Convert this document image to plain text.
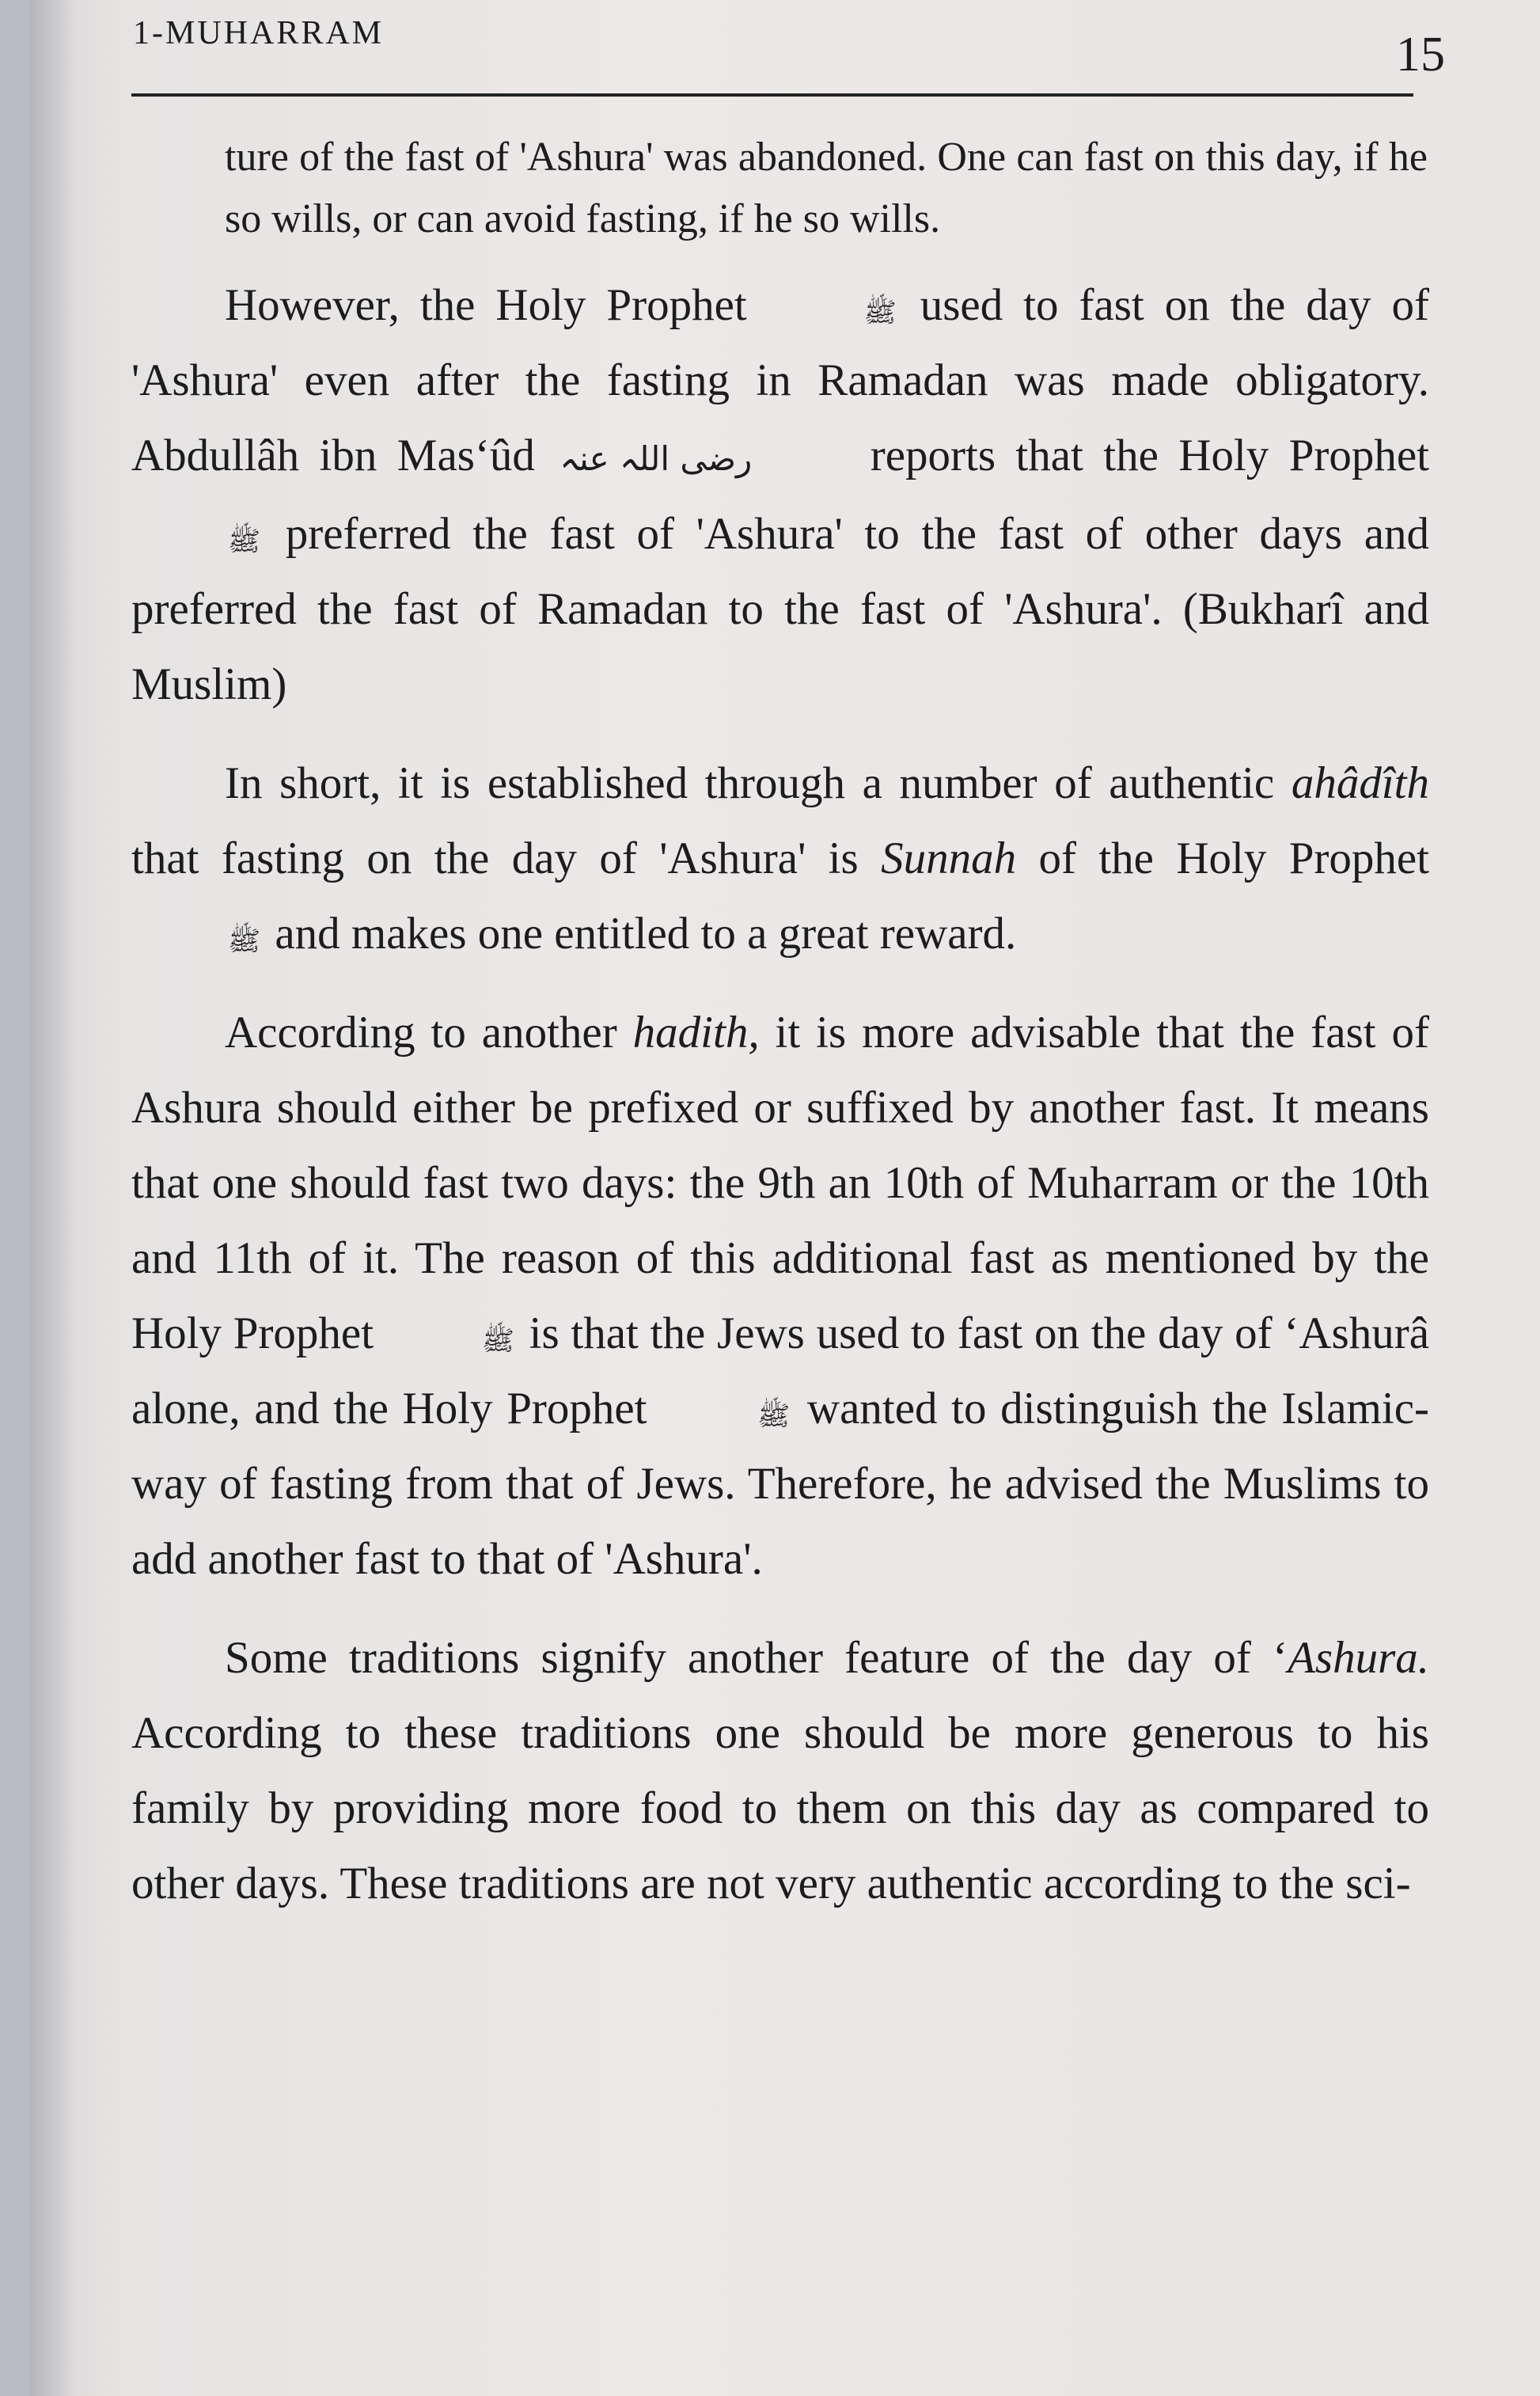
1-MUHARRAM	15
ture of the fast of 'Ashura' was abandoned. One can fast on this day, if he so wills, or can avoid fasting, if he so wills.

However, the Holy Prophet	ﷺ used to fast on the day of 'Ashura' even after the fasting in Ramadan was made obligatory. Abdullâh ibn Mas‘ûd رضی اللہ عنہ	reports that the Holy Prophet ﷺ preferred the fast of 'Ashura' to the fast of other days and preferred the fast of Ramadan to the fast of 'Ashura'. (Bukharî and Muslim)

In short, it is established through a number of authentic ahâdîth that fasting on the day of 'Ashura' is Sunnah of the Holy Prophet ﷺ and makes one entitled to a great reward.

According to another hadith, it is more advisable that the fast of Ashura should either be prefixed or suffixed by another fast. It means that one should fast two days: the 9th an 10th of Muharram or the 10th and 11th of it. The reason of this additional fast as mentioned by the Holy Prophet	ﷺ is that the Jews used to fast on the day of ‘Ashurâ alone, and the Holy Prophet	ﷺ wanted to distinguish the Islamic-way of fasting from that of Jews. Therefore, he advised the Muslims to add another fast to that of 'Ashura'.

Some traditions signify another feature of the day of ‘Ashura. According to these traditions one should be more generous to his family by providing more food to them on this day as compared to other days. These traditions are not very authentic according to the sci-
